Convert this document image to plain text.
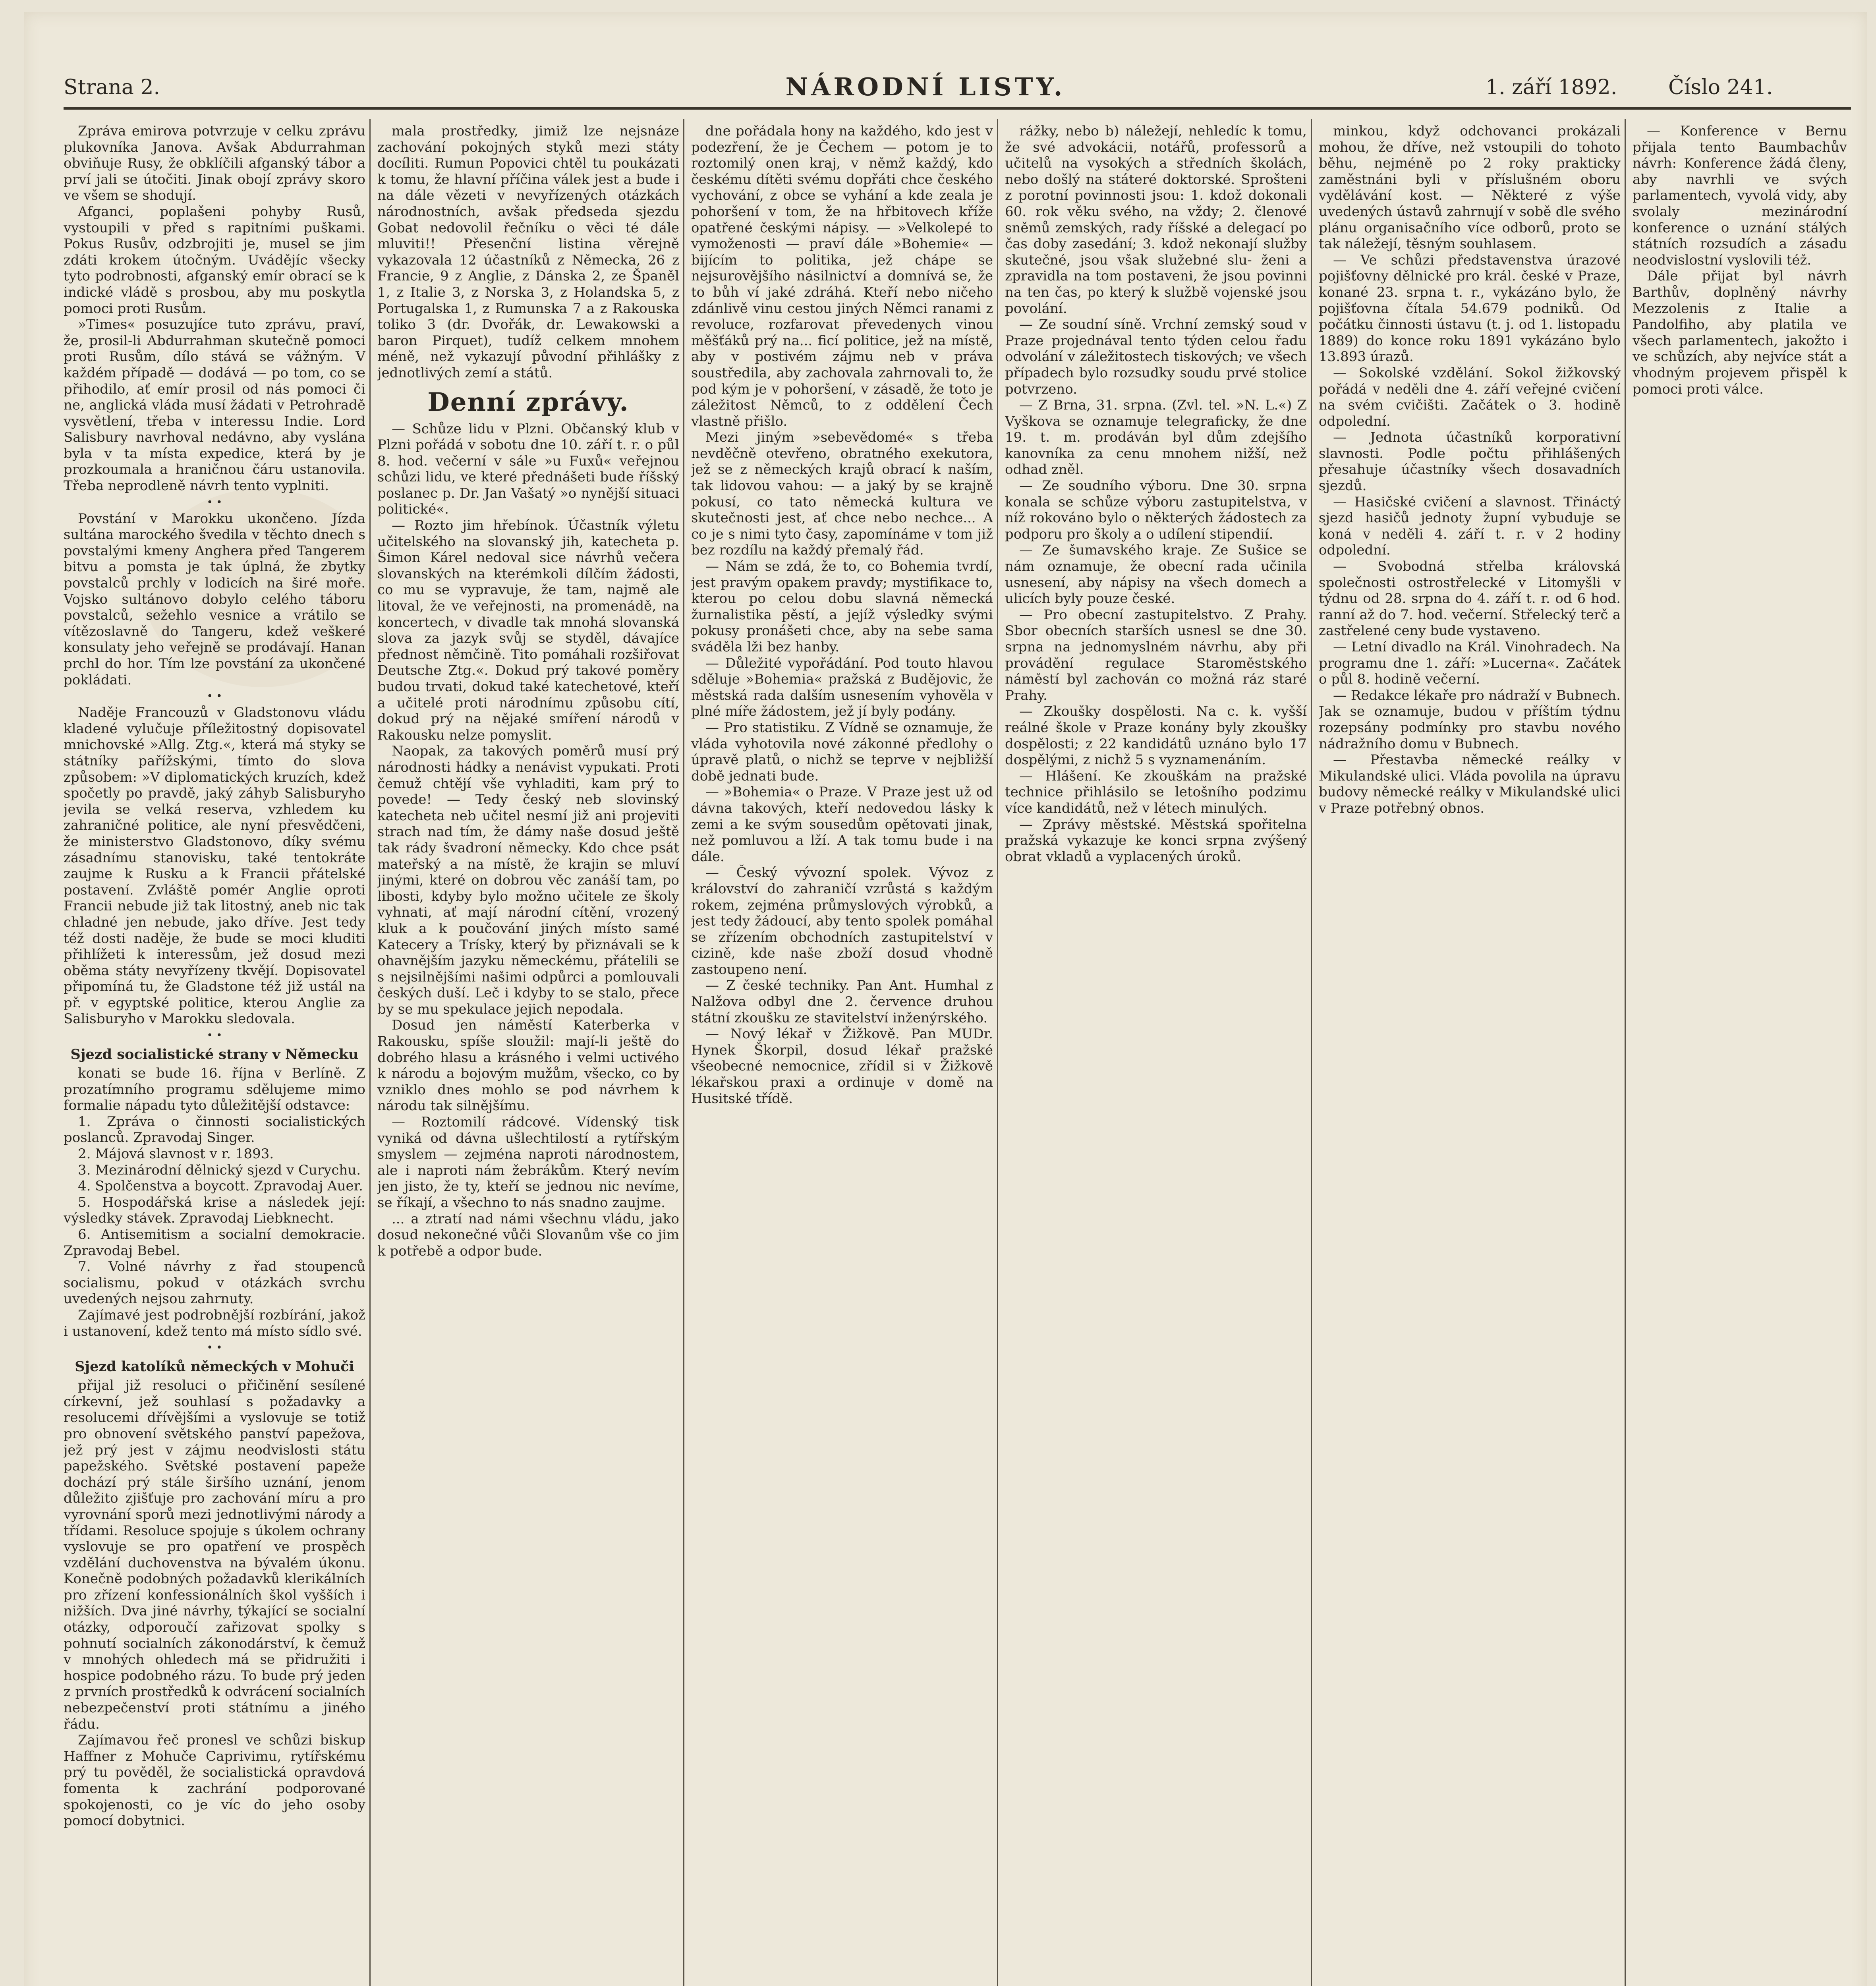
Strana 2.	NÁRODNÍ LISTY.	1. září 1892. Číslo 241.

Zpráva emirova potvrzuje v celku zprávu plukovníka Janova. Avšak Abdurrahman obviňuje Rusy, že obklíčili afganský tábor a prví jali se útočiti. Jinak obojí zprávy skoro ve všem se shodují.

Afganci, poplašeni pohyby Rusů, vystoupili v před s rapitními puškami. Pokus Rusův, odzbrojiti je, musel se jim zdáti krokem útočným. Uvádějíc všecky tyto podrobnosti, afganský emír obrací se k indické vládě s prosbou, aby mu poskytla pomoci proti Rusům.

»Times« posuzujíce tuto zprávu, praví, že, prosil-li Abdurrahman skutečně pomoci proti Rusům, dílo stává se vážným. V každém případě — dodává — po tom, co se přihodilo, ať emír prosil od nás pomoci či ne, anglická vláda musí žádati v Petrohradě vysvětlení, třeba v interessu Indie. Lord Salisbury navrhoval nedávno, aby vyslána byla v ta místa expedice, která by je prozkoumala a hraničnou čáru ustanovila. Třeba neprodleně návrh tento vyplniti.

• •

Povstání v Marokku ukončeno. Jízda sultána marockého švedila v těchto dnech s povstalými kmeny Anghera před Tangerem bitvu a pomsta je tak úplná, že zbytky povstalců prchly v lodicích na širé moře. Vojsko sultánovo dobylo celého táboru povstalců, sežehlo vesnice a vrátilo se vítězoslavně do Tangeru, kdež veškeré konsulaty jeho veřejně se prodávají. Hanan prchl do hor. Tím lze povstání za ukončené pokládati.

• •

Naděje Francouzů v Gladstonovu vládu kladené vylučuje příležitostný dopisovatel mnichovské »Allg. Ztg.«, která má styky se státníky pařížskými, tímto do slova způsobem: »V diplomatických kruzích, kdež spočetly po pravdě, jaký záhyb Salisburyho jevila se velká reserva, vzhledem ku zahraničné politice, ale nyní přesvědčeni, že ministerstvo Gladstonovo, díky svému zásadnímu stanovisku, také tentokráte zaujme k Rusku a k Francii přátelské postavení. Zvláště pomér Anglie oproti Francii nebude již tak litostný, aneb nic tak chladné jen nebude, jako dříve. Jest tedy též dosti naděje, že bude se moci kluditi přihlížeti k interessům, jež dosud mezi oběma státy nevyřízeny tkvějí. Dopisovatel připomíná tu, že Gladstone též již ustál na př. v egyptské politice, kterou Anglie za Salisburyho v Marokku sledovala.

• •
Sjezd socialistické strany v Německu

konati se bude 16. října v Berlíně. Z prozatímního programu sdělujeme mimo formalie nápadu tyto důležitější odstavce:

1. Zpráva o činnosti socialistických poslanců. Zpravodaj Singer.

2. Májová slavnost v r. 1893.

3. Mezinárodní dělnický sjezd v Curychu.

4. Spolčenstva a boycott. Zpravodaj Auer.

5. Hospodářská krise a následek její: výsledky stávek. Zpravodaj Liebknecht.

6. Antisemitism a socialní demokracie. Zpravodaj Bebel.

7. Volné návrhy z řad stoupenců socialismu, pokud v otázkách svrchu uvedených nejsou zahrnuty.

Zajímavé jest podrobnější rozbírání, jakož i ustanovení, kdež tento má místo sídlo své.

• •
Sjezd katolíků německých v Mohuči

přijal již resoluci o přičinění sesílené církevní, jež souhlasí s požadavky a resolucemi dřívějšími a vyslovuje se totiž pro obnovení světského panství papežova, jež prý jest v zájmu neodvislosti státu papežského. Světské postavení papeže dochází prý stále širšího uznání, jenom důležito zjišťuje pro zachování míru a pro vyrovnání sporů mezi jednotlivými národy a třídami. Resoluce spojuje s úkolem ochrany vyslovuje se pro opatření ve prospěch vzdělání duchovenstva na bývalém úkonu. Konečně podobných požadavků klerikálních pro zřízení konfessionálních škol vyšších i nižších. Dva jiné návrhy, týkající se socialní otázky, odporoučí zařizovat spolky s pohnutí socialních zákonodárství, k čemuž v mnohých ohledech má se přidružiti i hospice podobného rázu. To bude prý jeden z prvních prostředků k odvrácení socialních nebezpečenství proti státnímu a jiného řádu.

Zajímavou řeč pronesl ve schůzi biskup Haffner z Mohuče Caprivimu, rytířskému prý tu pověděl, že socialistická opravdová fomenta k zachrání podporované spokojenosti, co je víc do jeho osoby pomocí dobytnici.

mala prostředky, jimiž lze nejsnáze zachování pokojných styků mezi státy docíliti. Rumun Popovici chtěl tu poukázati k tomu, že hlavní příčina válek jest a bude i na dále vězeti v nevyřízených otázkách národnostních, avšak předseda sjezdu Gobat nedovolil řečníku o věci té dále mluviti!! Přesenční listina věrejně vykazovala 12 účastníků z Německa, 26 z Francie, 9 z Anglie, z Dánska 2, ze Španěl 1, z Italie 3, z Norska 3, z Holandska 5, z Portugalska 1, z Rumunska 7 a z Rakouska toliko 3 (dr. Dvořák, dr. Lewakowski a baron Pirquet), tudíž celkem mnohem méně, než vykazují původní přihlášky z jednotlivých zemí a států.

Denní zprávy.

— Schůze lidu v Plzni. Občanský klub v Plzni pořádá v sobotu dne 10. září t. r. o půl 8. hod. večerní v sále »u Fuxů« veřejnou schůzi lidu, ve které přednášeti bude říšský poslanec p. Dr. Jan Vašatý »o nynější situaci politické«.

— Rozto jim hřebínok. Účastník výletu učitelského na slovanský jih, katecheta p. Šimon Kárel nedoval sice návrhů večera slovanských na kterémkoli dílčím žádosti, co mu se vypravuje, že tam, najmě ale litoval, že ve veřejnosti, na promenádě, na koncertech, v divadle tak mnohá slovanská slova za jazyk svůj se styděl, dávajíce přednost němčině. Tito pomáhali rozšiřovat Deutsche Ztg.«. Dokud prý takové poměry budou trvati, dokud také katechetové, kteří a učitelé proti národnímu způsobu cítí, dokud prý na nějaké smíření národů v Rakousku nelze pomyslit.

Naopak, za takových poměrů musí prý národnosti hádky a nenávist vypukati. Proti čemuž chtějí vše vyhladiti, kam prý to povede! — Tedy český neb slovinský katecheta neb učitel nesmí již ani projeviti strach nad tím, že dámy naše dosud ještě tak rády švadroní německy. Kdo chce psát mateřský a na místě, že krajin se mluví jinými, které on dobrou věc zanáší tam, po libosti, kdyby bylo možno učitele ze školy vyhnati, ať mají národní cítění, vrozený kluk a k poučování jiných místo samé Katecery a Trísky, který by přiznávali se k ohavnějším jazyku německému, přátelili se s nejsilnějšími našimi odpůrci a pomlouvali českých duší. Leč i kdyby to se stalo, přece by se mu spekulace jejich nepodala.

Dosud jen náměstí Katerberka v Rakousku, spíše sloužil: mají-li ještě do dobrého hlasu a krásného i velmi uctivého k národu a bojovým mužům, všecko, co by vzniklo dnes mohlo se pod návrhem k národu tak silnějšímu.

— Roztomilí rádcové. Vídenský tisk vyniká od dávna ušlechtilostí a rytířským smyslem — zejména naproti národnostem, ale i naproti nám žebrákům. Který nevím jen jisto, že ty, kteří se jednou nic nevíme, se říkají, a všechno to nás snadno zaujme.

... a ztratí nad námi všechnu vládu, jako dosud nekonečné vůči Slovanům vše co jim k potřebě a odpor bude.

dne pořádala hony na každého, kdo jest v podezření, že je Čechem — potom je to roztomilý onen kraj, v němž každý, kdo českému dítěti svému dopřáti chce českého vychování, z obce se vyhání a kde zeala je pohoršení v tom, že na hřbitovech kříže opatřené českými nápisy. — »Velkolepé to vymoženosti — praví dále »Bohemie« — bijícím to politika, jež chápe se nejsurovějšího násilnictví a domnívá se, že to bůh ví jaké zdráhá. Kteří nebo ničeho zdánlivě vinu cestou jiných Němci ranami z revoluce, rozfarovat převedenych vinou měšťáků prý na... ficí politice, jež na místě, aby v postivém zájmu neb v práva soustředila, aby zachovala zahrnovali to, že pod kým je v pohoršení, v zásadě, že toto je záležitost Němců, to z oddělení Čech vlastně přišlo.

Mezi jiným »sebevědomé« s třeba nevděčně otevřeno, obratného exekutora, jež se z německých krajů obrací k naším, tak lidovou vahou: — a jaký by se krajně pokusí, co tato německá kultura ve skutečnosti jest, ať chce nebo nechce... A co je s nimi tyto časy, zapomínáme v tom již bez rozdílu na každý přemalý řád.

— Nám se zdá, že to, co Bohemia tvrdí, jest pravým opakem pravdy; mystifikace to, kterou po celou dobu slavná německá žurnalistika pěstí, a jejíž výsledky svými pokusy pronášeti chce, aby na sebe sama sváděla lži bez hanby.

— Důležité vypořádání. Pod touto hlavou sděluje »Bohemia« pražská z Budějovic, že městská rada dalším usnesením vyhověla v plné míře žádostem, jež jí byly podány.

— Pro statistiku. Z Vídně se oznamuje, že vláda vyhotovila nové zákonné předlohy o úpravě platů, o nichž se teprve v nejbližší době jednati bude.

— »Bohemia« o Praze. V Praze jest už od dávna takových, kteří nedovedou lásky k zemi a ke svým sousedům opětovati jinak, než pomluvou a lží. A tak tomu bude i na dále.

— Český vývozní spolek. Vývoz z království do zahraničí vzrůstá s každým rokem, zejména průmyslových výrobků, a jest tedy žádoucí, aby tento spolek pomáhal se zřízením obchodních zastupitelství v cizině, kde naše zboží dosud vhodně zastoupeno není.

— Z české techniky. Pan Ant. Humhal z Nalžova odbyl dne 2. července druhou státní zkoušku ze stavitelství inženýrského.

— Nový lékař v Žižkově. Pan MUDr. Hynek Škorpil, dosud lékař pražské všeobecné nemocnice, zřídil si v Žižkově lékařskou praxi a ordinuje v domě na Husitské třídě.

rážky, nebo b) náležejí, nehledíc k tomu, že své advokácii, notářů, professorů a učitelů na vysokých a středních školách, nebo došlý na státeré doktorské. Sprošteni z porotní povinnosti jsou: 1. kdož dokonali 60. rok věku svého, na vždy; 2. členové sněmů zemských, rady říšské a delegací po čas doby zasedání; 3. kdož nekonají služby skutečné, jsou však služebné slu- ženi a zpravidla na tom postaveni, že jsou povinni na ten čas, po který k službě vojenské jsou povolání.

— Ze soudní síně. Vrchní zemský soud v Praze projednával tento týden celou řadu odvolání v záležitostech tiskových; ve všech případech bylo rozsudky soudu prvé stolice potvrzeno.

— Z Brna, 31. srpna. (Zvl. tel. »N. L.«) Z Vyškova se oznamuje telegraficky, že dne 19. t. m. prodáván byl dům zdejšího kanovníka za cenu mnohem nižší, než odhad zněl.

— Ze soudního výboru. Dne 30. srpna konala se schůze výboru zastupitelstva, v níž rokováno bylo o některých žádostech za podporu pro školy a o udílení stipendií.

— Ze šumavského kraje. Ze Sušice se nám oznamuje, že obecní rada učinila usnesení, aby nápisy na všech domech a ulicích byly pouze české.

— Pro obecní zastupitelstvo. Z Prahy. Sbor obecních starších usnesl se dne 30. srpna na jednomyslném návrhu, aby při provádění regulace Staroměstského náměstí byl zachován co možná ráz staré Prahy.

— Zkoušky dospělosti. Na c. k. vyšší reálné škole v Praze konány byly zkoušky dospělosti; z 22 kandidátů uznáno bylo 17 dospělými, z nichž 5 s vyznamenáním.

— Hlášení. Ke zkouškám na pražské technice přihlásilo se letošního podzimu více kandidátů, než v létech minulých.

— Zprávy městské. Městská spořitelna pražská vykazuje ke konci srpna zvýšený obrat vkladů a vyplacených úroků.

minkou, když odchovanci prokázali mohou, že dříve, než vstoupili do tohoto běhu, nejméně po 2 roky prakticky zaměstnáni byli v příslušném oboru vydělávání kost. — Některé z výše uvedených ústavů zahrnují v sobě dle svého plánu organisačního více odborů, proto se tak náležejí, těsným souhlasem.

— Ve schůzi představenstva úrazové pojišťovny dělnické pro král. české v Praze, konané 23. srpna t. r., vykázáno bylo, že pojišťovna čítala 54.679 podniků. Od počátku činnosti ústavu (t. j. od 1. listopadu 1889) do konce roku 1891 vykázáno bylo 13.893 úrazů.

— Sokolské vzdělání. Sokol žižkovský pořádá v neděli dne 4. září veřejné cvičení na svém cvičišti. Začátek o 3. hodině odpolední.

— Jednota účastníků korporativní slavnosti. Podle počtu přihlášených přesahuje účastníky všech dosavadních sjezdů.

— Hasičské cvičení a slavnost. Třináctý sjezd hasičů jednoty župní vybuduje se koná v neděli 4. září t. r. v 2 hodiny odpolední.

— Svobodná střelba královská společnosti ostrostřelecké v Litomyšli v týdnu od 28. srpna do 4. září t. r. od 6 hod. ranní až do 7. hod. večerní. Střelecký terč a zastřelené ceny bude vystaveno.

— Letní divadlo na Král. Vinohradech. Na programu dne 1. září: »Lucerna«. Začátek o půl 8. hodině večerní.

— Redakce lékaře pro nádraží v Bubnech. Jak se oznamuje, budou v příštím týdnu rozepsány podmínky pro stavbu nového nádražního domu v Bubnech.

— Přestavba německé reálky v Mikulandské ulici. Vláda povolila na úpravu budovy německé reálky v Mikulandské ulici v Praze potřebný obnos.

— Konference v Bernu přijala tento Baumbachův návrh: Konference žádá členy, aby navrhli ve svých parlamentech, vyvolá vidy, aby svolaly mezinárodní konference o uznání stálých státních rozsudích a zásadu neodvislostní vyslovili též.

Dále přijat byl návrh Barthův, doplněný návrhy Mezzolenis z Italie a Pandolfiho, aby platila ve všech parlamentech, jakožto i ve schůzích, aby nejvíce stát a vhodným projevem přispěl k pomoci proti válce.
